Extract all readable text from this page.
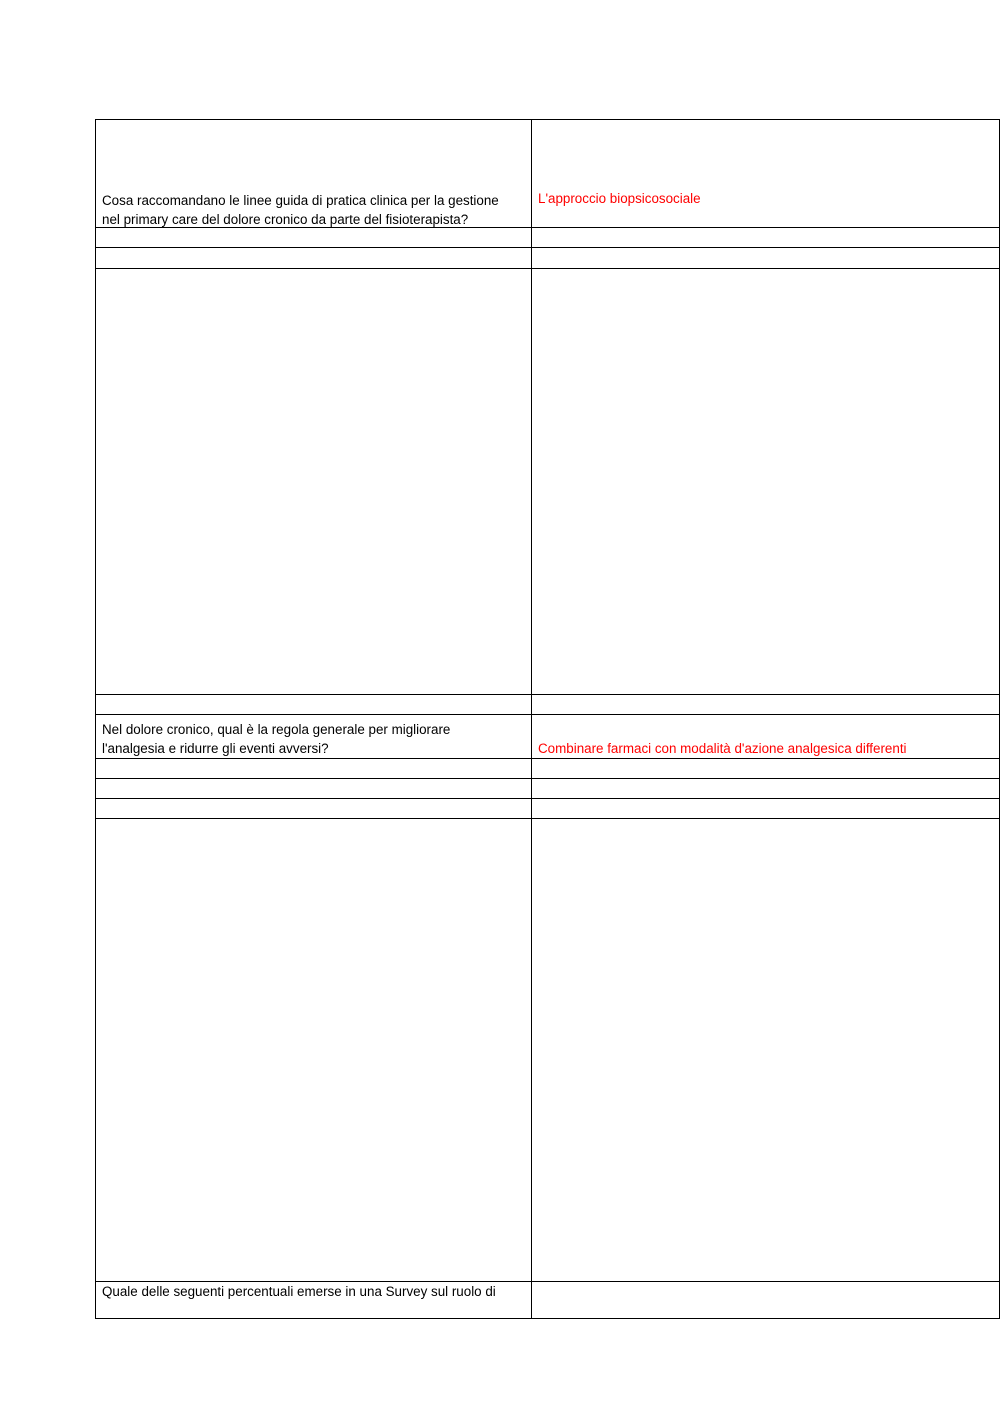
Cosa raccomandano le linee guida di pratica clinica per la gestione
nel primary care del dolore cronico da parte del fisioterapista?
L'approccio biopsicosociale
Nel dolore cronico, qual è la regola generale per migliorare
l'analgesia e ridurre gli eventi avversi?	Combinare farmaci con modalità d'azione analgesica differenti
Quale delle seguenti percentuali emerse in una Survey sul ruolo di
